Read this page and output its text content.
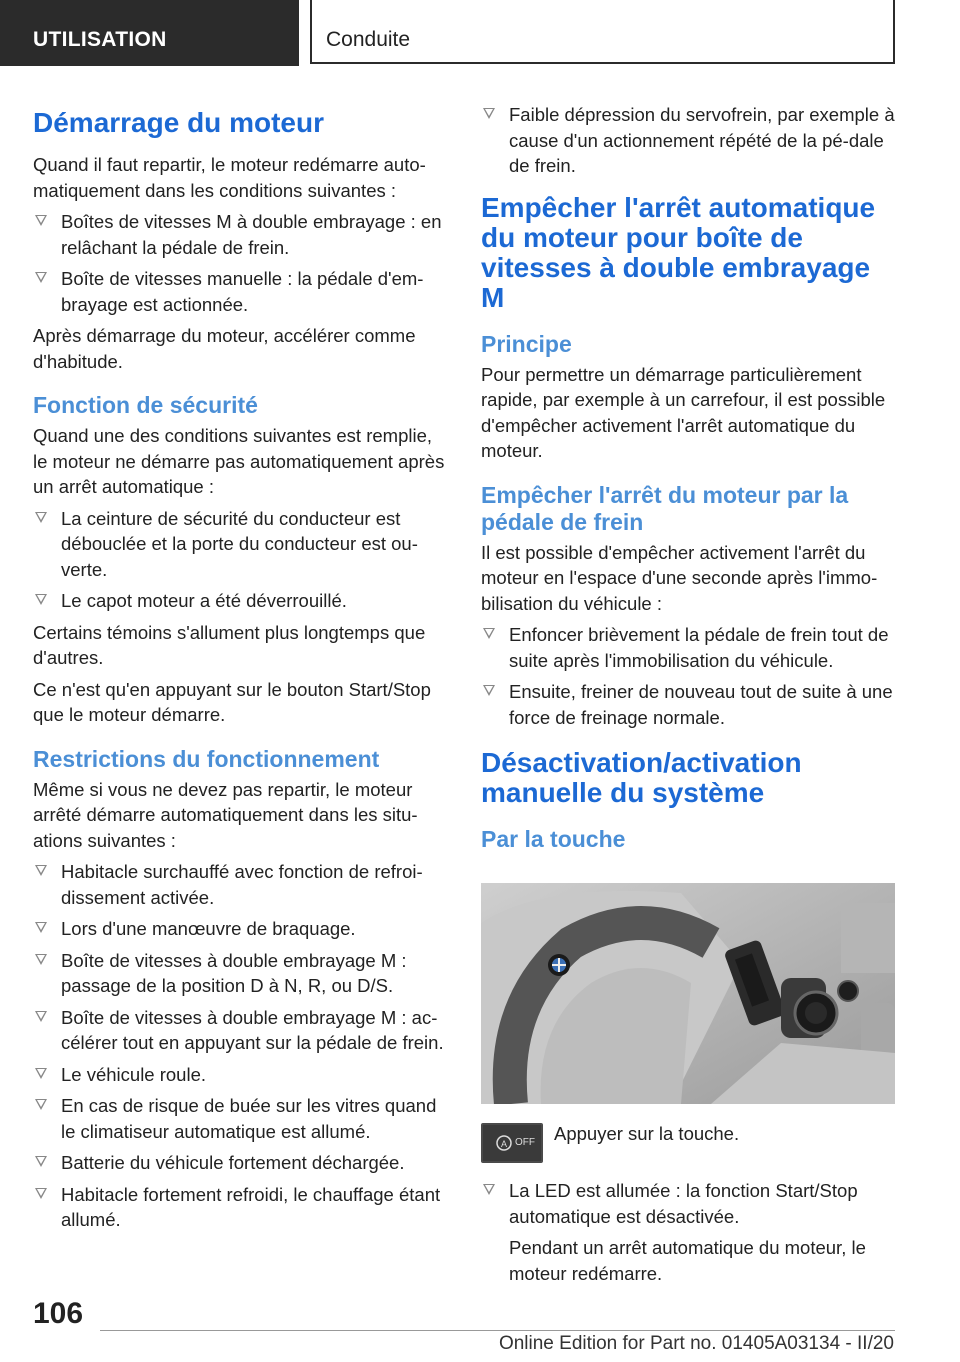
UTILISATION	Conduite
Démarrage du moteur

Quand il faut repartir, le moteur redémarre auto-matiquement dans les conditions suivantes :

Boîtes de vitesses M à double embrayage : en relâchant la pédale de frein.
Boîte de vitesses manuelle : la pédale d'em-brayage est actionnée.

Après démarrage du moteur, accélérer comme d'habitude.

Fonction de sécurité

Quand une des conditions suivantes est remplie, le moteur ne démarre pas automatiquement après un arrêt automatique :

La ceinture de sécurité du conducteur est débouclée et la porte du conducteur est ou-verte.
Le capot moteur a été déverrouillé.

Certains témoins s'allument plus longtemps que d'autres.

Ce n'est qu'en appuyant sur le bouton Start/Stop que le moteur démarre.

Restrictions du fonctionnement

Même si vous ne devez pas repartir, le moteur arrêté démarre automatiquement dans les situ-ations suivantes :

Habitacle surchauffé avec fonction de refroi-dissement activée.
Lors d'une manœuvre de braquage.
Boîte de vitesses à double embrayage M : passage de la position D à N, R, ou D/S.
Boîte de vitesses à double embrayage M : ac-célérer tout en appuyant sur la pédale de frein.
Le véhicule roule.
En cas de risque de buée sur les vitres quand le climatiseur automatique est allumé.
Batterie du véhicule fortement déchargée.
Habitacle fortement refroidi, le chauffage étant allumé.
Faible dépression du servofrein, par exemple à cause d'un actionnement répété de la pé-dale de frein.
Empêcher l'arrêt automatique du moteur pour boîte de vitesses à double embrayage M
Principe

Pour permettre un démarrage particulièrement rapide, par exemple à un carrefour, il est possible d'empêcher activement l'arrêt automatique du moteur.

Empêcher l'arrêt du moteur par la pédale de frein

Il est possible d'empêcher activement l'arrêt du moteur en l'espace d'une seconde après l'immo-bilisation du véhicule :

Enfoncer brièvement la pédale de frein tout de suite après l'immobilisation du véhicule.
Ensuite, freiner de nouveau tout de suite à une force de freinage normale.
Désactivation/activation manuelle du système
Par la touche
A OFF Appuyer sur la touche.
La LED est allumée : la fonction Start/Stop automatique est désactivée.

Pendant un arrêt automatique du moteur, le moteur redémarre.

106
Online Edition for Part no. 01405A03134 - II/20
